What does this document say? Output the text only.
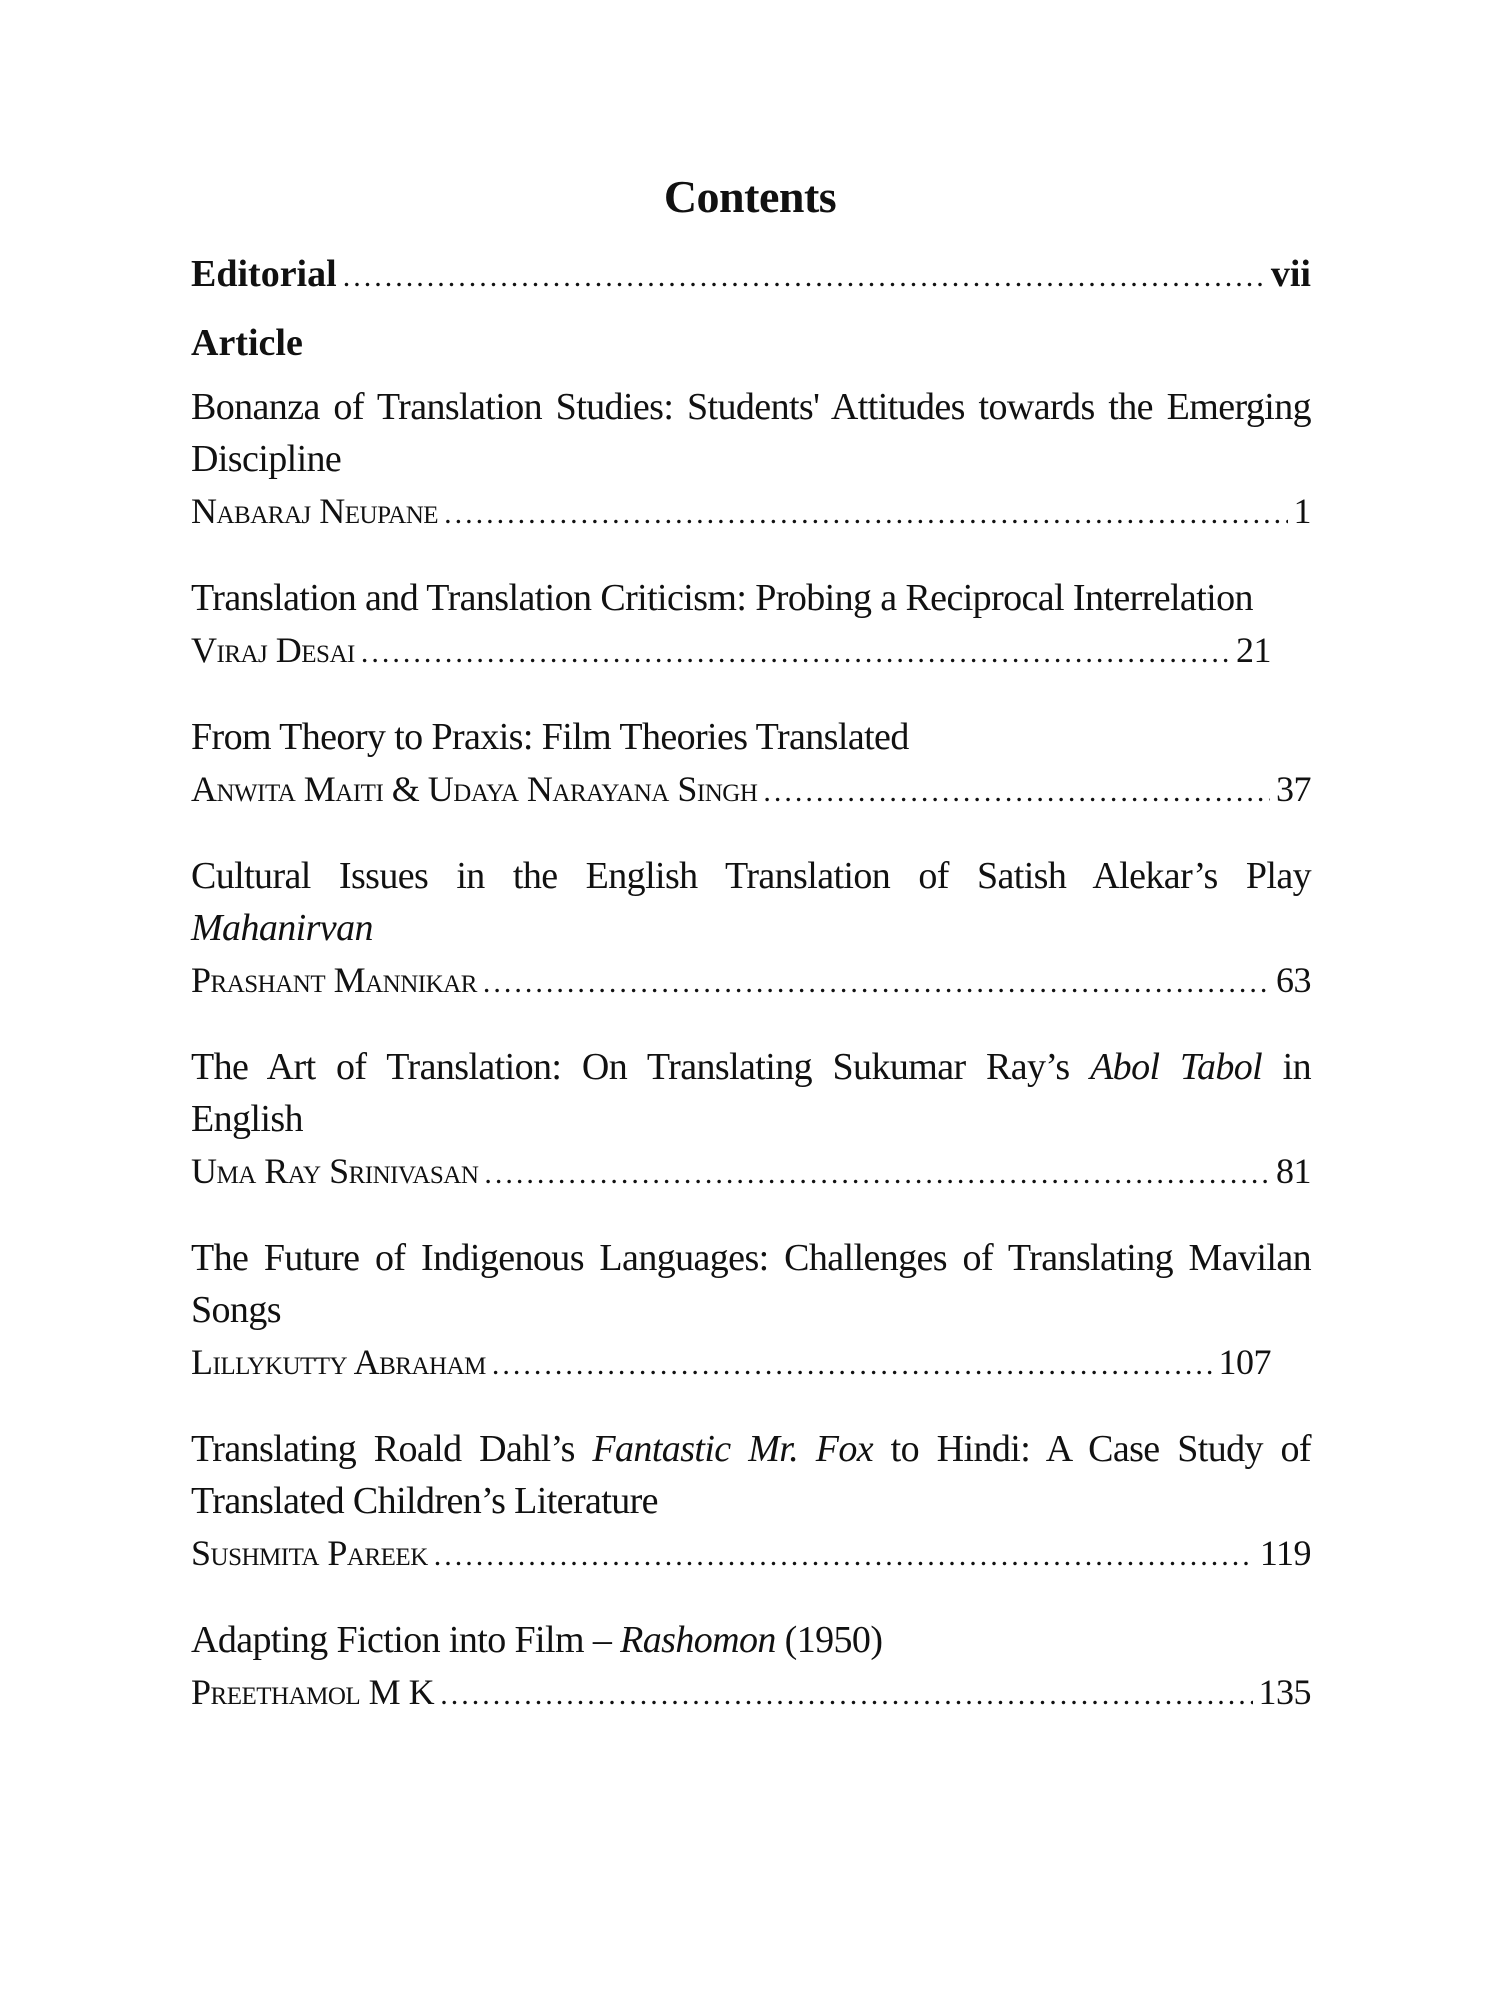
Contents
Editorial .....	vii
Article
Bonanza of Translation Studies: Students' Attitudes towards the Emerging Discipline
Nabaraj Neupane .....	1
Translation and Translation Criticism: Probing a Reciprocal Interrelation
Viraj Desai .....	21
From Theory to Praxis: Film Theories Translated
Anwita Maiti & Udaya Narayana Singh .....	37
Cultural Issues in the English Translation of Satish Alekar’s Play Mahanirvan
Prashant Mannikar .....	63
The Art of Translation: On Translating Sukumar Ray’s Abol Tabol in English
Uma Ray Srinivasan .....	81
The Future of Indigenous Languages: Challenges of Translating Mavilan Songs
Lillykutty Abraham .....	107
Translating Roald Dahl’s Fantastic Mr. Fox to Hindi: A Case Study of Translated Children’s Literature
Sushmita Pareek .....	119
Adapting Fiction into Film – Rashomon (1950)
Preethamol M K .....	135
